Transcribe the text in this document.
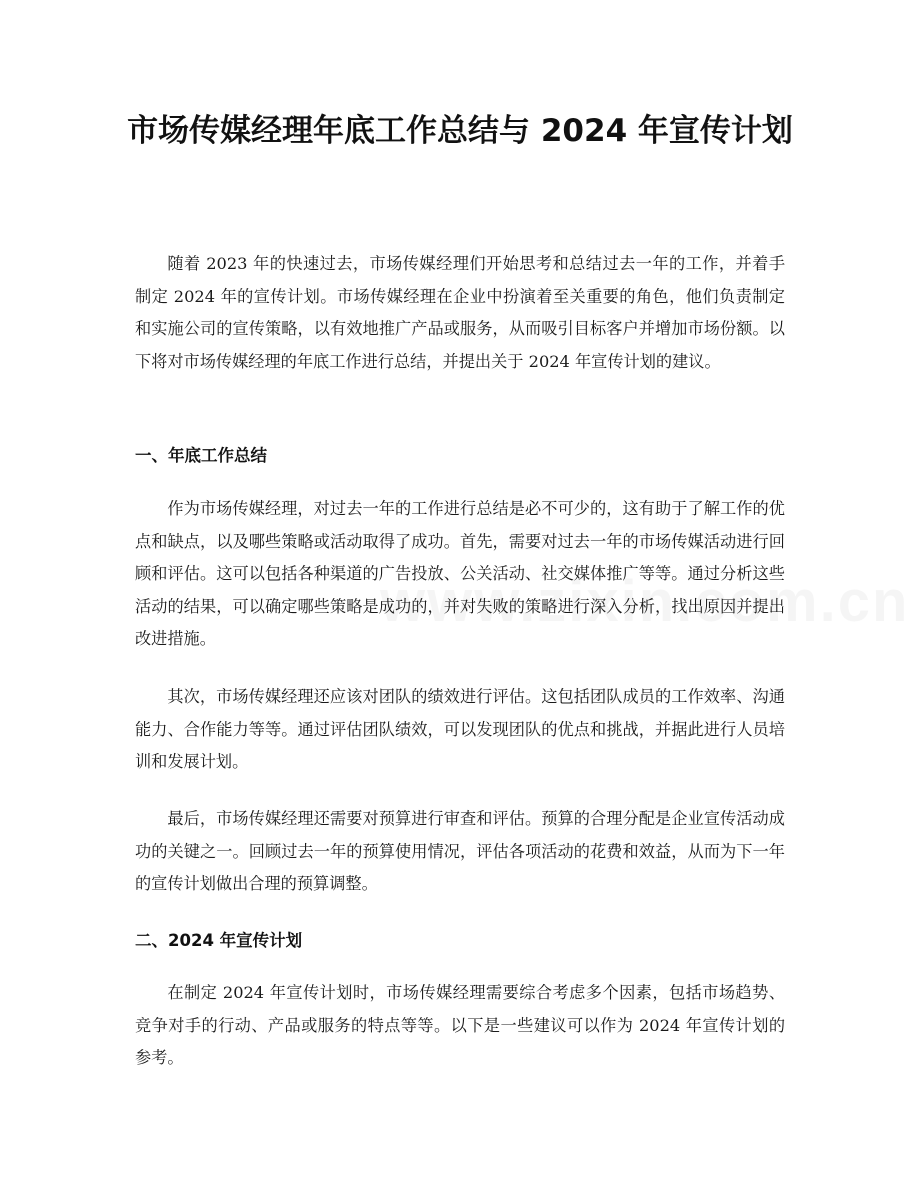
市场传媒经理年底工作总结与 2024 年宣传计划

随着 2023 年的快速过去，市场传媒经理们开始思考和总结过去一年的工作，并着手制定 2024 年的宣传计划。市场传媒经理在企业中扮演着至关重要的角色，他们负责制定和实施公司的宣传策略，以有效地推广产品或服务，从而吸引目标客户并增加市场份额。以下将对市场传媒经理的年底工作进行总结，并提出关于 2024 年宣传计划的建议。

一、年底工作总结

作为市场传媒经理，对过去一年的工作进行总结是必不可少的，这有助于了解工作的优点和缺点，以及哪些策略或活动取得了成功。首先，需要对过去一年的市场传媒活动进行回顾和评估。这可以包括各种渠道的广告投放、公关活动、社交媒体推广等等。通过分析这些活动的结果，可以确定哪些策略是成功的，并对失败的策略进行深入分析，找出原因并提出改进措施。

其次，市场传媒经理还应该对团队的绩效进行评估。这包括团队成员的工作效率、沟通能力、合作能力等等。通过评估团队绩效，可以发现团队的优点和挑战，并据此进行人员培训和发展计划。

最后，市场传媒经理还需要对预算进行审查和评估。预算的合理分配是企业宣传活动成功的关键之一。回顾过去一年的预算使用情况，评估各项活动的花费和效益，从而为下一年的宣传计划做出合理的预算调整。

二、2024 年宣传计划

在制定 2024 年宣传计划时，市场传媒经理需要综合考虑多个因素，包括市场趋势、竞争对手的行动、产品或服务的特点等等。以下是一些建议可以作为 2024 年宣传计划的参考。
